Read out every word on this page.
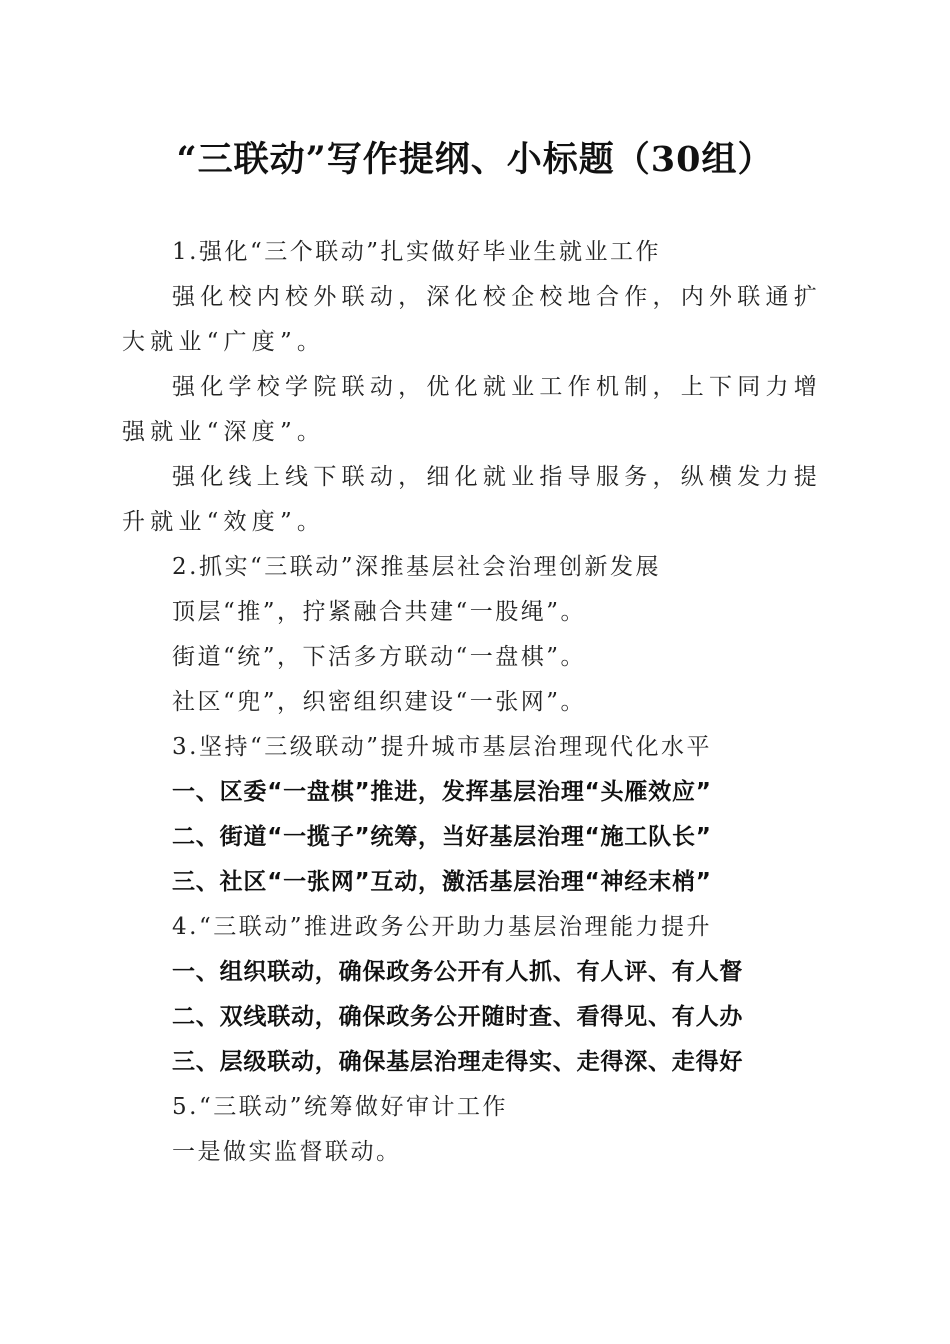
“三联动”写作提纲、小标题（30组）

1.强化“三个联动”扎实做好毕业生就业工作

强化校内校外联动，深化校企校地合作，内外联通扩大就业“广度”。

强化学校学院联动，优化就业工作机制，上下同力增强就业“深度”。

强化线上线下联动，细化就业指导服务，纵横发力提升就业“效度”。

2.抓实“三联动”深推基层社会治理创新发展

顶层“推”，拧紧融合共建“一股绳”。

街道“统”，下活多方联动“一盘棋”。

社区“兜”，织密组织建设“一张网”。

3.坚持“三级联动”提升城市基层治理现代化水平

一、区委“一盘棋”推进，发挥基层治理“头雁效应”

二、街道“一揽子”统筹，当好基层治理“施工队长”

三、社区“一张网”互动，激活基层治理“神经末梢”

4.“三联动”推进政务公开助力基层治理能力提升

一、组织联动，确保政务公开有人抓、有人评、有人督

二、双线联动，确保政务公开随时查、看得见、有人办

三、层级联动，确保基层治理走得实、走得深、走得好

5.“三联动”统筹做好审计工作

一是做实监督联动。
